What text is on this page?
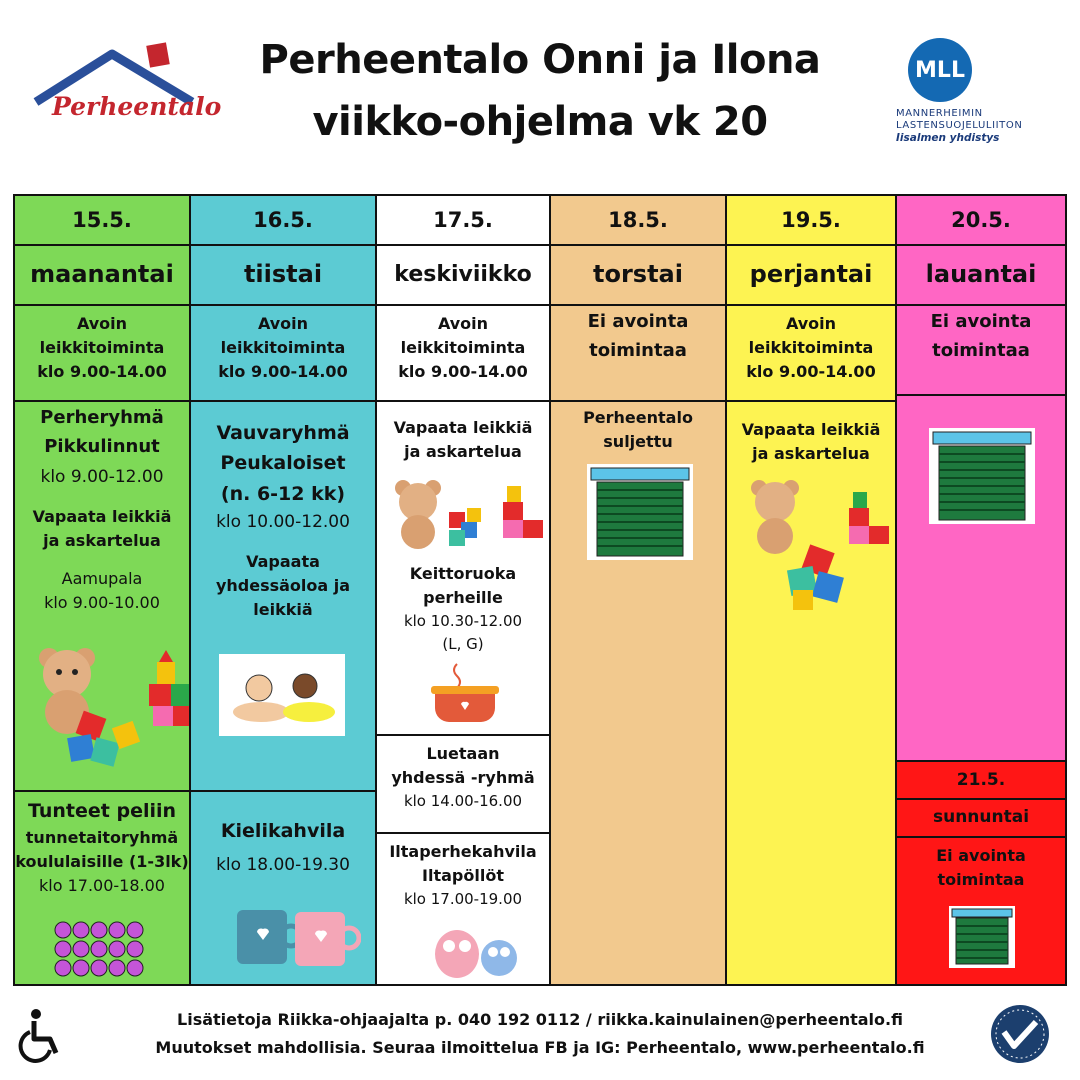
Perheentalo
Perheentalo Onni ja Ilona
viikko-ohjelma vk 20
MLL
MANNERHEIMIN
LASTENSUOJELULIITON
Iisalmen yhdistys
15.5.
maanantai
Avoin
leikkitoiminta
klo 9.00-14.00
Perheryhmä
Pikkulinnut
klo 9.00-12.00
Vapaata leikkiä
ja askartelua
Aamupala
klo 9.00-10.00
Tunteet peliin
tunnetaitoryhmä
koululaisille (1-3lk)
klo 17.00-18.00
16.5.
tiistai
Avoin
leikkitoiminta
klo 9.00-14.00
Vauvaryhmä
Peukaloiset
(n. 6-12 kk)
klo 10.00-12.00
Vapaata
yhdessäoloa ja
leikkiä
Kielikahvila
klo 18.00-19.30
17.5.
keskiviikko
Avoin
leikkitoiminta
klo 9.00-14.00
Vapaata leikkiä
ja askartelua
Keittoruoka
perheille
klo 10.30-12.00
(L, G)
Luetaan
yhdessä -ryhmä
klo 14.00-16.00
Iltaperhekahvila
Iltapöllöt
klo 17.00-19.00
18.5.
torstai
Ei avointa
toimintaa
Perheentalo
suljettu
19.5.
perjantai
Avoin
leikkitoiminta
klo 9.00-14.00
Vapaata leikkiä
ja askartelua
20.5.
lauantai
Ei avointa
toimintaa
21.5.
sunnuntai
Ei avointa
toimintaa
Lisätietoja Riikka-ohjaajalta p. 040 192 0112 / riikka.kainulainen@perheentalo.fi
Muutokset mahdollisia. Seuraa ilmoittelua FB ja IG: Perheentalo, www.perheentalo.fi
